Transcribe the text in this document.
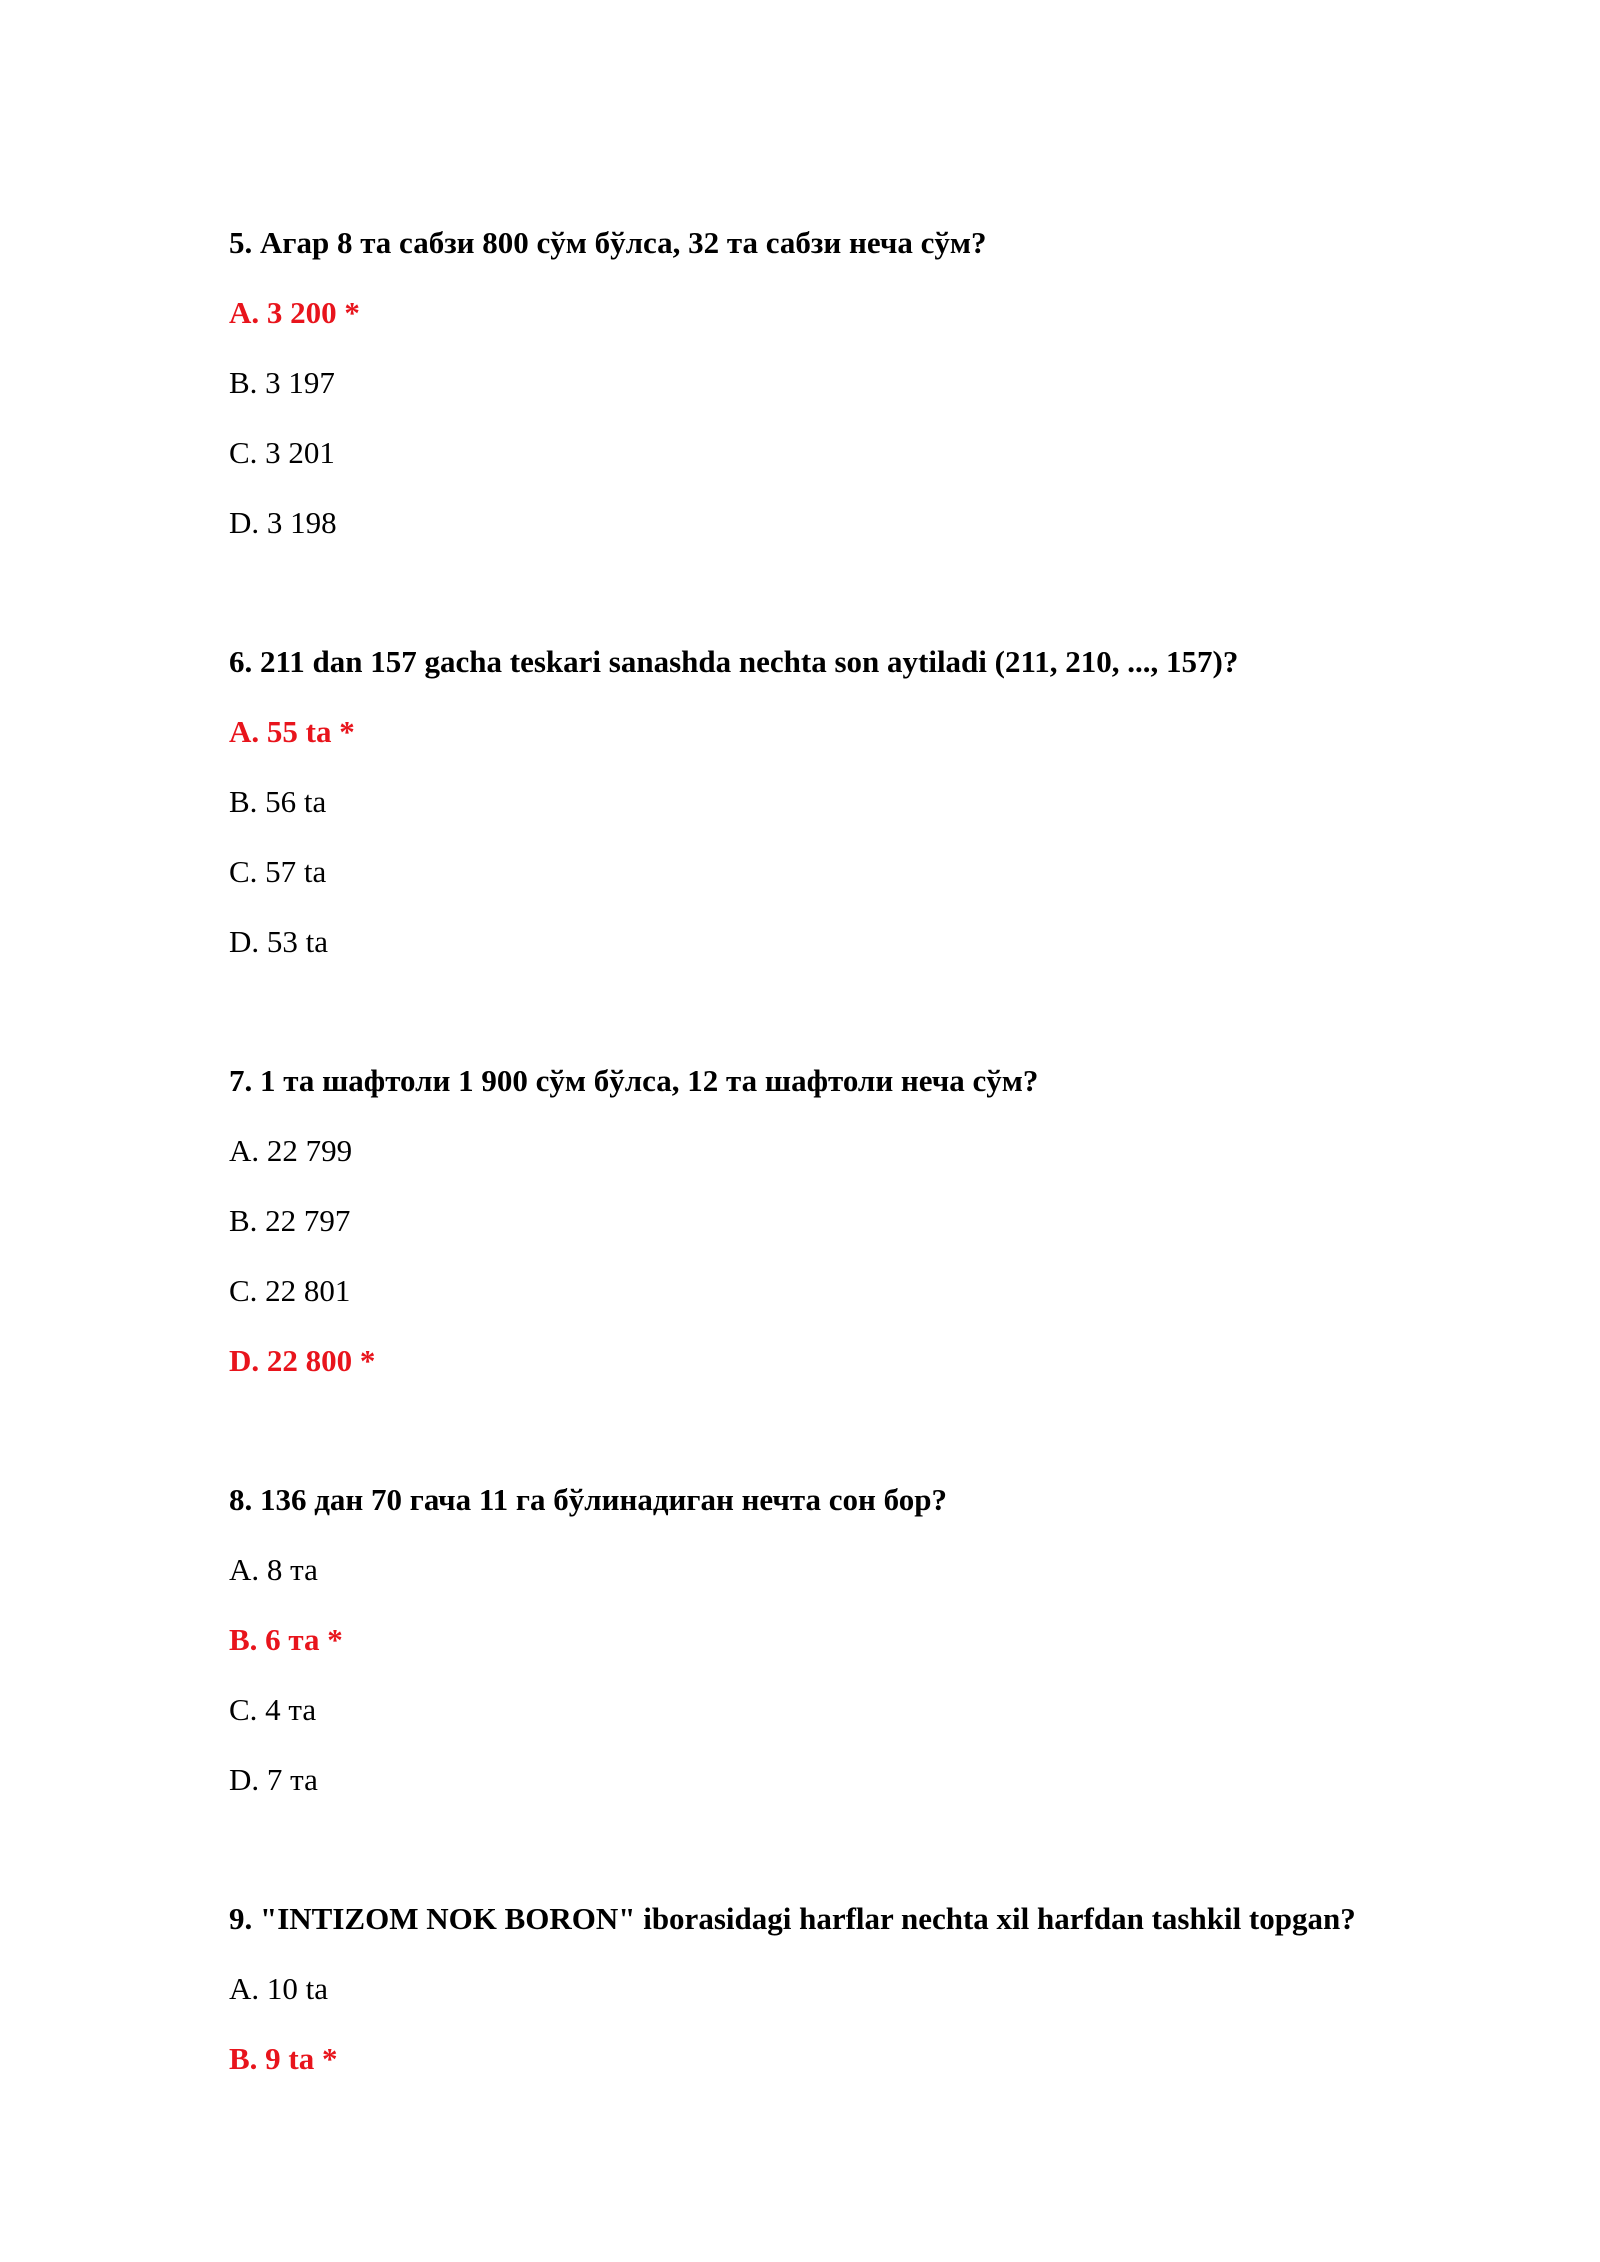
5. Агар 8 та сабзи 800 сўм бўлса, 32 та сабзи неча сўм?
A. 3 200 *
B. 3 197
C. 3 201
D. 3 198
6. 211 dan 157 gacha teskari sanashda nechta son aytiladi (211, 210, ..., 157)?
A. 55 ta *
B. 56 ta
C. 57 ta
D. 53 ta
7. 1 та шафтоли 1 900 сўм бўлса, 12 та шафтоли неча сўм?
A. 22 799
B. 22 797
C. 22 801
D. 22 800 *
8. 136 дан 70 гача 11 га бўлинадиган нечта сон бор?
A. 8 та
B. 6 та *
C. 4 та
D. 7 та
9. "INTIZOM NOK BORON" iborasidagi harflar nechta xil harfdan tashkil topgan?
A. 10 ta
B. 9 ta *
